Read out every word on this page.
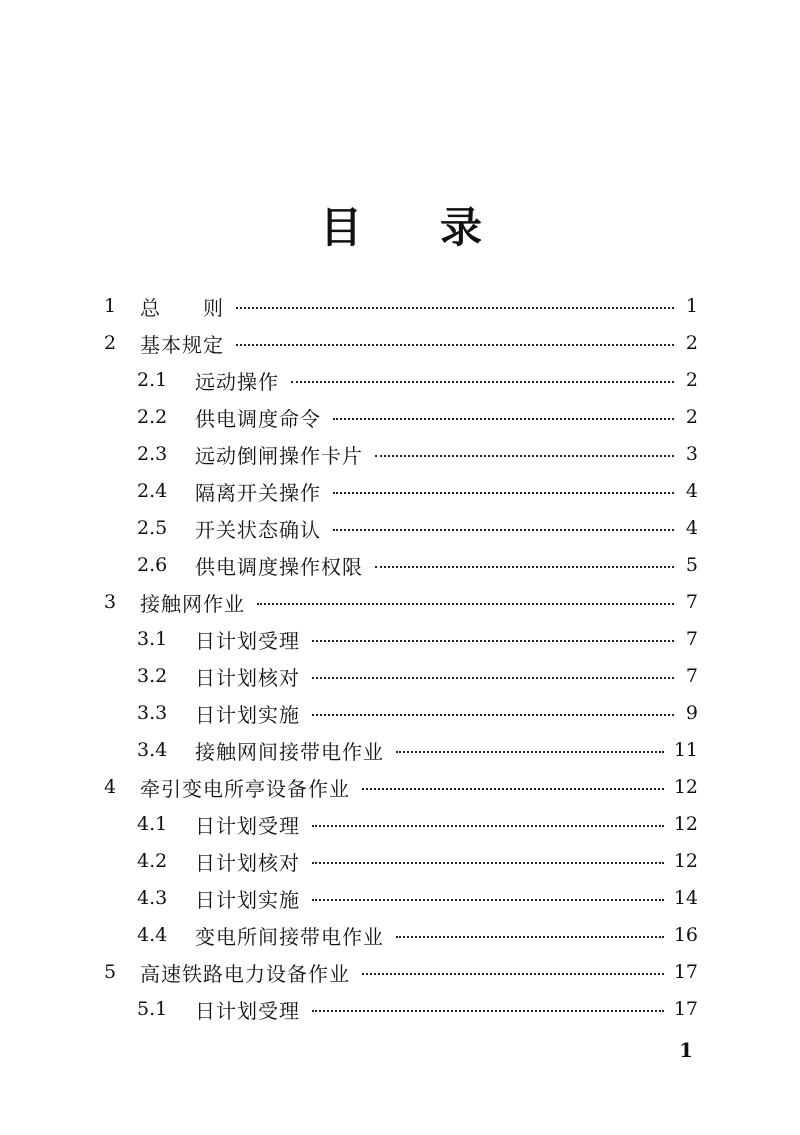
目 录
1	总　　则	1
2	基本规定	2
2.1	远动操作	2
2.2	供电调度命令	2
2.3	远动倒闸操作卡片	3
2.4	隔离开关操作	4
2.5	开关状态确认	4
2.6	供电调度操作权限	5
3	接触网作业	7
3.1	日计划受理	7
3.2	日计划核对	7
3.3	日计划实施	9
3.4	接触网间接带电作业	11
4	牵引变电所亭设备作业	12
4.1	日计划受理	12
4.2	日计划核对	12
4.3	日计划实施	14
4.4	变电所间接带电作业	16
5	高速铁路电力设备作业	17
5.1	日计划受理	17
1
